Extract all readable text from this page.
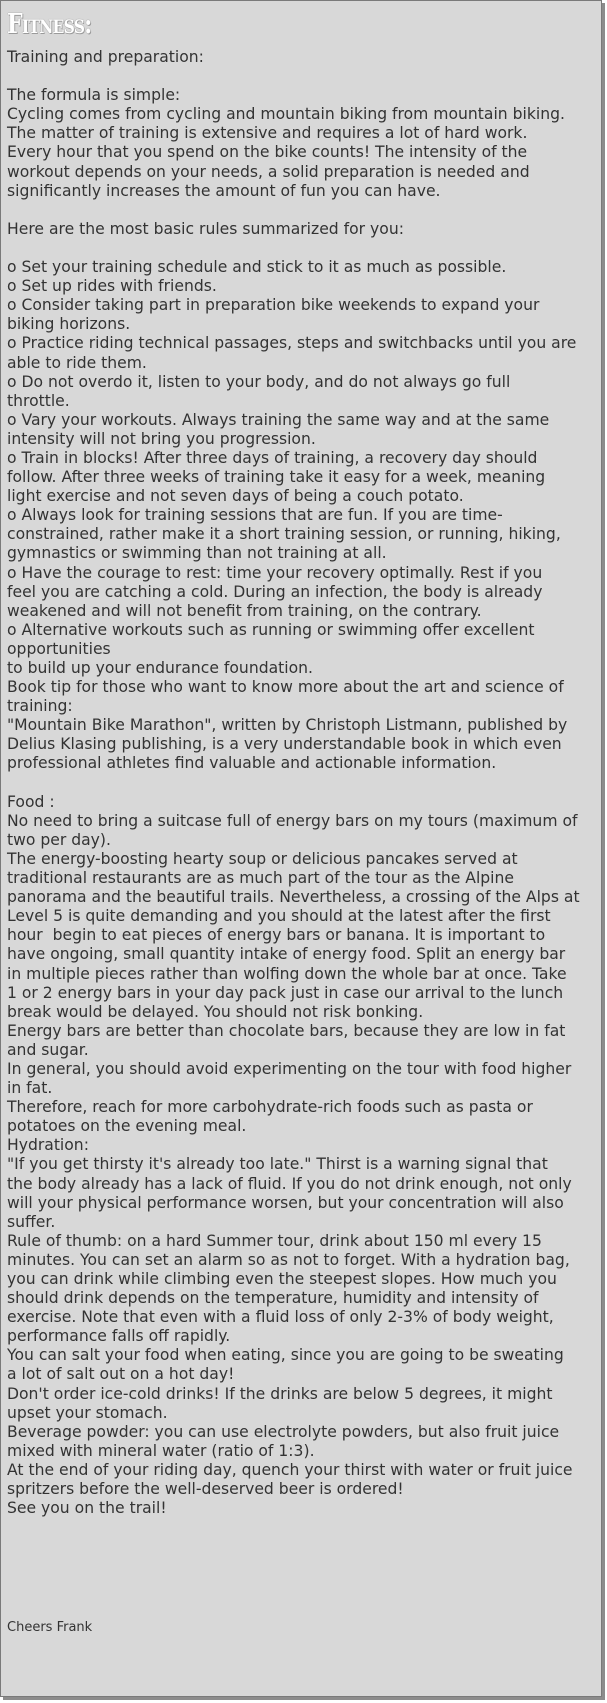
Fitness:
Training and preparation:
The formula is simple:
Cycling comes from cycling and mountain biking from mountain biking.
The matter of training is extensive and requires a lot of hard work.
Every hour that you spend on the bike counts! The intensity of the
workout depends on your needs, a solid preparation is needed and
significantly increases the amount of fun you can have.
Here are the most basic rules summarized for you:
o Set your training schedule and stick to it as much as possible.
o Set up rides with friends.
o Consider taking part in preparation bike weekends to expand your
biking horizons.
o Practice riding technical passages, steps and switchbacks until you are
able to ride them.
o Do not overdo it, listen to your body, and do not always go full
throttle.
o Vary your workouts. Always training the same way and at the same
intensity will not bring you progression.
o Train in blocks! After three days of training, a recovery day should
follow. After three weeks of training take it easy for a week, meaning
light exercise and not seven days of being a couch potato.
o Always look for training sessions that are fun. If you are time-
constrained, rather make it a short training session, or running, hiking,
gymnastics or swimming than not training at all.
o Have the courage to rest: time your recovery optimally. Rest if you
feel you are catching a cold. During an infection, the body is already
weakened and will not benefit from training, on the contrary.
o Alternative workouts such as running or swimming offer excellent
opportunities
to build up your endurance foundation.
Book tip for those who want to know more about the art and science of
training:
"Mountain Bike Marathon", written by Christoph Listmann, published by
Delius Klasing publishing, is a very understandable book in which even
professional athletes find valuable and actionable information.
Food :
No need to bring a suitcase full of energy bars on my tours (maximum of
two per day).
The energy-boosting hearty soup or delicious pancakes served at
traditional restaurants are as much part of the tour as the Alpine
panorama and the beautiful trails. Nevertheless, a crossing of the Alps at
Level 5 is quite demanding and you should at the latest after the first
hour  begin to eat pieces of energy bars or banana. It is important to
have ongoing, small quantity intake of energy food. Split an energy bar
in multiple pieces rather than wolfing down the whole bar at once. Take
1 or 2 energy bars in your day pack just in case our arrival to the lunch
break would be delayed. You should not risk bonking.
Energy bars are better than chocolate bars, because they are low in fat
and sugar.
In general, you should avoid experimenting on the tour with food higher
in fat.
Therefore, reach for more carbohydrate-rich foods such as pasta or
potatoes on the evening meal.
Hydration:
"If you get thirsty it's already too late." Thirst is a warning signal that
the body already has a lack of fluid. If you do not drink enough, not only
will your physical performance worsen, but your concentration will also
suffer.
Rule of thumb: on a hard Summer tour, drink about 150 ml every 15
minutes. You can set an alarm so as not to forget. With a hydration bag,
you can drink while climbing even the steepest slopes. How much you
should drink depends on the temperature, humidity and intensity of
exercise. Note that even with a fluid loss of only 2-3% of body weight,
performance falls off rapidly.
You can salt your food when eating, since you are going to be sweating
a lot of salt out on a hot day!
Don't order ice-cold drinks! If the drinks are below 5 degrees, it might
upset your stomach.
Beverage powder: you can use electrolyte powders, but also fruit juice
mixed with mineral water (ratio of 1:3).
At the end of your riding day, quench your thirst with water or fruit juice
spritzers before the well-deserved beer is ordered!
See you on the trail!
Cheers Frank
